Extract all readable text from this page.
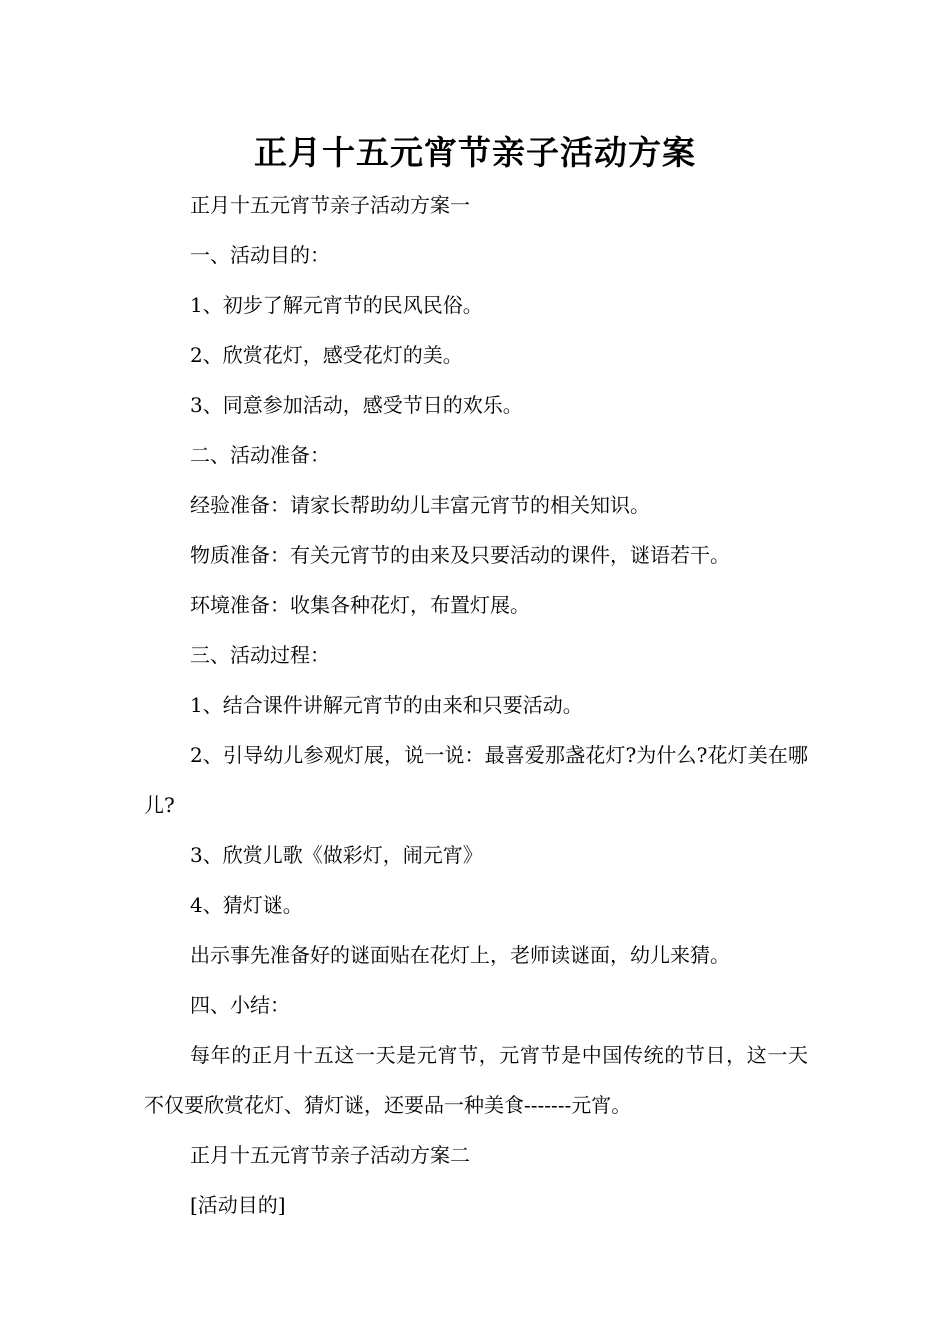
正月十五元宵节亲子活动方案

正月十五元宵节亲子活动方案一

一、活动目的：

1、初步了解元宵节的民风民俗。

2、欣赏花灯，感受花灯的美。

3、同意参加活动，感受节日的欢乐。

二、活动准备：

经验准备：请家长帮助幼儿丰富元宵节的相关知识。

物质准备：有关元宵节的由来及只要活动的课件，谜语若干。

环境准备：收集各种花灯，布置灯展。

三、活动过程：

1、结合课件讲解元宵节的由来和只要活动。

2、引导幼儿参观灯展，说一说：最喜爱那盏花灯?为什么?花灯美在哪儿?

3、欣赏儿歌《做彩灯，闹元宵》

4、猜灯谜。

出示事先准备好的谜面贴在花灯上，老师读谜面，幼儿来猜。

四、小结：

每年的正月十五这一天是元宵节，元宵节是中国传统的节日，这一天不仅要欣赏花灯、猜灯谜，还要品一种美食-------元宵。

正月十五元宵节亲子活动方案二

[活动目的]
